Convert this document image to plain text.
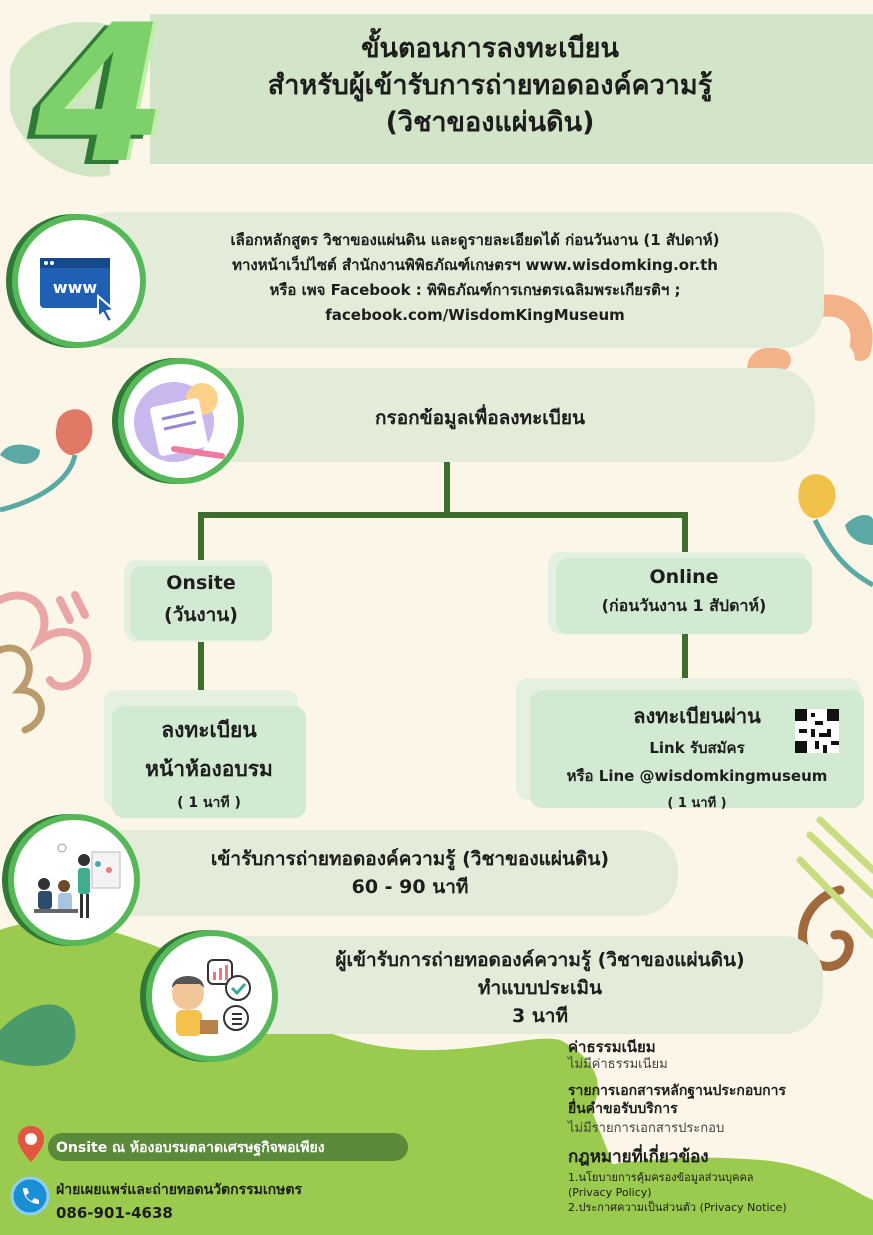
4	ขั้นตอนการลงทะเบียน
สำหรับผู้เข้ารับการถ่ายทอดองค์ความรู้
(วิชาของแผ่นดิน)
www
เลือกหลักสูตร วิชาของแผ่นดิน และดูรายละเอียดได้ ก่อนวันงาน (1 สัปดาห์)
ทางหน้าเว็ปไซต์ สำนักงานพิพิธภัณฑ์เกษตรฯ www.wisdomking.or.th
หรือ เพจ Facebook : พิพิธภัณฑ์การเกษตรเฉลิมพระเกียรติฯ ;
facebook.com/WisdomKingMuseum
กรอกข้อมูลเพื่อลงทะเบียน
Onsite
(วันงาน)
ลงทะเบียน
หน้าห้องอบรม
( 1 นาที )
Online
(ก่อนวันงาน 1 สัปดาห์)
ลงทะเบียนผ่าน
Link รับสมัคร
หรือ Line @wisdomkingmuseum
( 1 นาที )
เข้ารับการถ่ายทอดองค์ความรู้ (วิชาของแผ่นดิน)
60 - 90 นาที
ผู้เข้ารับการถ่ายทอดองค์ความรู้ (วิชาของแผ่นดิน)
ทำแบบประเมิน
3 นาที
ค่าธรรมเนียม
ไม่มีค่าธรรมเนียม
รายการเอกสารหลักฐานประกอบการ
ยื่นคำขอรับบริการ
ไม่มีรายการเอกสารประกอบ
กฎหมายที่เกี่ยวข้อง
1.นโยบายการคุ้มครองข้อมูลส่วนบุคคล
(Privacy Policy)
2.ประกาศความเป็นส่วนตัว (Privacy Notice)
Onsite ณ ห้องอบรมตลาดเศรษฐกิจพอเพียง
ฝ่ายเผยแพร่และถ่ายทอดนวัตกรรมเกษตร
086-901-4638
